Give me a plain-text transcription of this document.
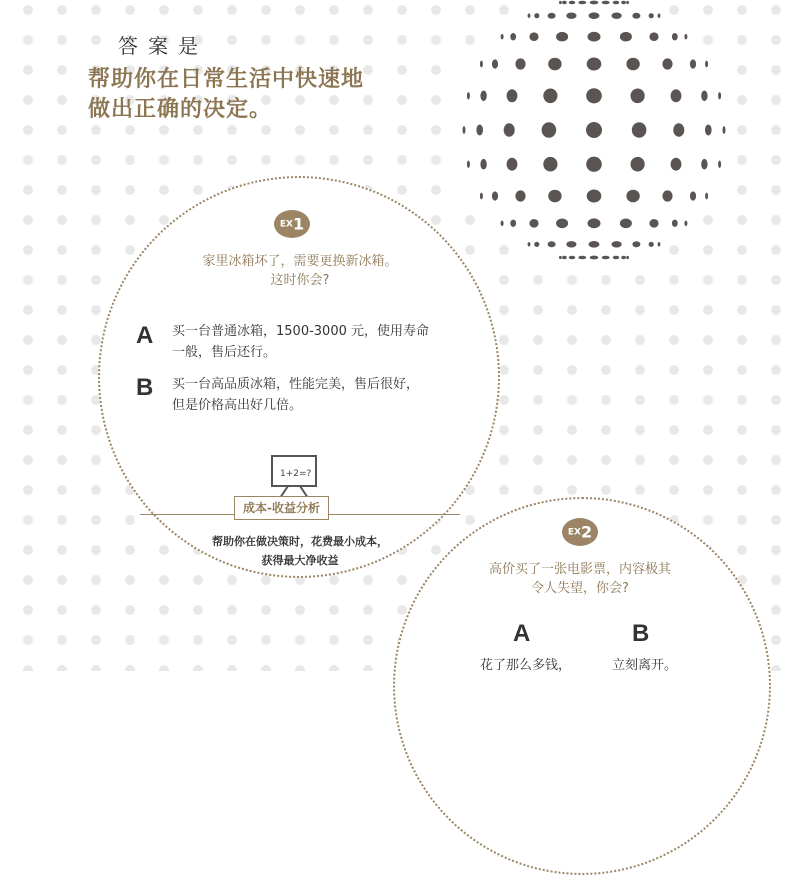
答案是
帮助你在日常生活中快速地
做出正确的决定。
EX1
家里冰箱坏了，需要更换新冰箱。
这时你会?
A 买一台普通冰箱，1500-3000 元，使用寿命
一般，售后还行。
B 买一台高品质冰箱，性能完美，售后很好，
但是价格高出好几倍。
1+2=?
成本-收益分析
帮助你在做决策时，花费最小成本，
获得最大净收益
EX2
高价买了一张电影票，内容极其
令人失望，你会?
A	B
花了那么多钱，	立刻离开。
